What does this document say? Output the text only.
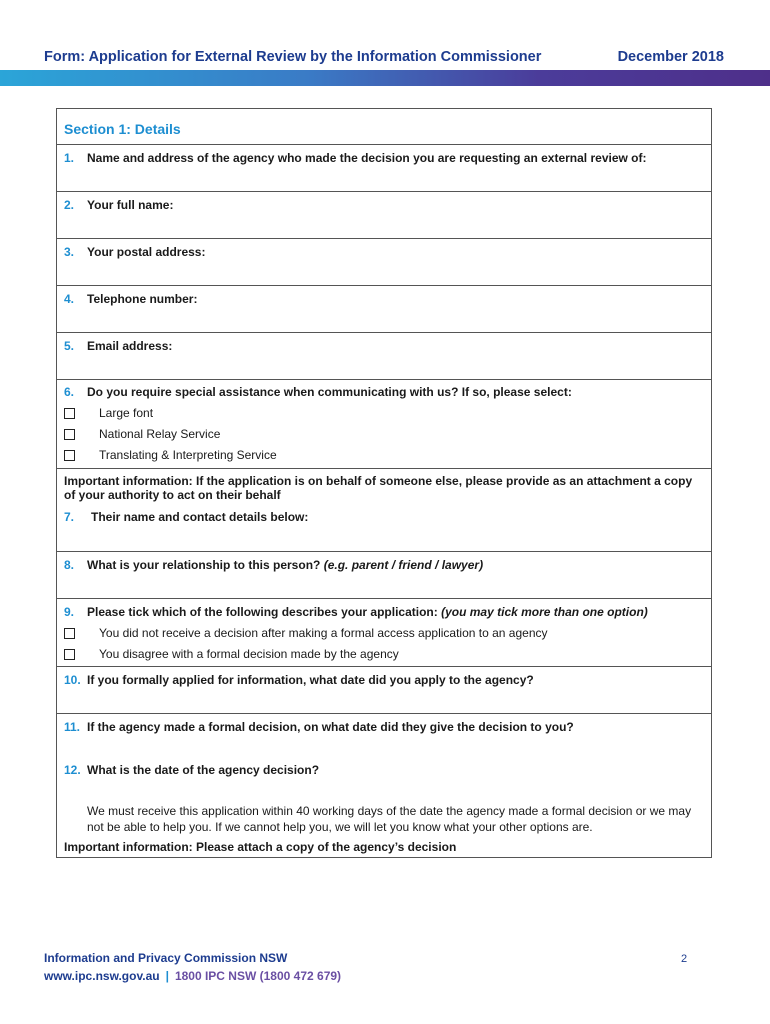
Form: Application for External Review by the Information Commissioner	December 2018
Section 1: Details
1. Name and address of the agency who made the decision you are requesting an external review of:
2. Your full name:
3. Your postal address:
4. Telephone number:
5. Email address:
6. Do you require special assistance when communicating with us? If so, please select:
Large font
National Relay Service
Translating & Interpreting Service
Important information: If the application is on behalf of someone else, please provide as an attachment a copy of your authority to act on their behalf
7. Their name and contact details below:
8. What is your relationship to this person? (e.g. parent / friend / lawyer)
9. Please tick which of the following describes your application: (you may tick more than one option)
You did not receive a decision after making a formal access application to an agency
You disagree with a formal decision made by the agency
10. If you formally applied for information, what date did you apply to the agency?
11. If the agency made a formal decision, on what date did they give the decision to you?
12. What is the date of the agency decision?
We must receive this application within 40 working days of the date the agency made a formal decision or we may not be able to help you. If we cannot help you, we will let you know what your other options are.
Important information: Please attach a copy of the agency’s decision
Information and Privacy Commission NSW
www.ipc.nsw.gov.au | 1800 IPC NSW (1800 472 679)
2
